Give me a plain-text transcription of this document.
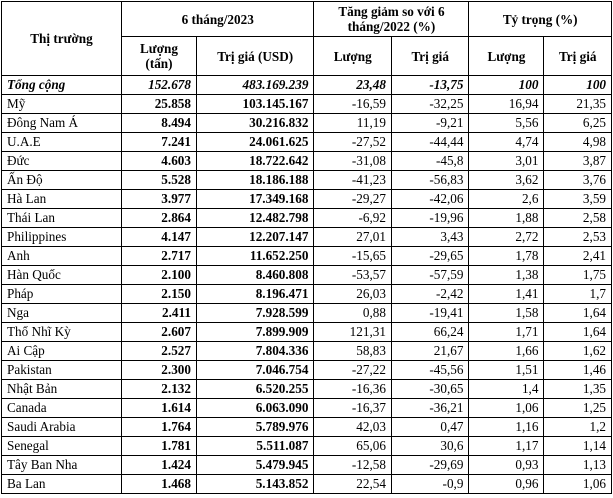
Thị trường	6 tháng/2023		Tăng giảm so với 6 tháng/2022 (%)		Tỷ trọng (%)	
	Lượng (tấn)	Trị giá (USD)	Lượng	Trị giá	Lượng	Trị giá
Tổng cộng	152.678	483.169.239	23,48	-13,75	100	100
Mỹ	25.858	103.145.167	-16,59	-32,25	16,94	21,35
Đông Nam Á	8.494	30.216.832	11,19	-9,21	5,56	6,25
U.A.E	7.241	24.061.625	-27,52	-44,44	4,74	4,98
Đức	4.603	18.722.642	-31,08	-45,8	3,01	3,87
Ấn Độ	5.528	18.186.188	-41,23	-56,83	3,62	3,76
Hà Lan	3.977	17.349.168	-29,27	-42,06	2,6	3,59
Thái Lan	2.864	12.482.798	-6,92	-19,96	1,88	2,58
Philippines	4.147	12.207.147	27,01	3,43	2,72	2,53
Anh	2.717	11.652.250	-15,65	-29,65	1,78	2,41
Hàn Quốc	2.100	8.460.808	-53,57	-57,59	1,38	1,75
Pháp	2.150	8.196.471	26,03	-2,42	1,41	1,7
Nga	2.411	7.928.599	0,88	-19,41	1,58	1,64
Thổ Nhĩ Kỳ	2.607	7.899.909	121,31	66,24	1,71	1,64
Ai Cập	2.527	7.804.336	58,83	21,67	1,66	1,62
Pakistan	2.300	7.046.754	-27,22	-45,56	1,51	1,46
Nhật Bản	2.132	6.520.255	-16,36	-30,65	1,4	1,35
Canada	1.614	6.063.090	-16,37	-36,21	1,06	1,25
Saudi Arabia	1.764	5.789.976	42,03	0,47	1,16	1,2
Senegal	1.781	5.511.087	65,06	30,6	1,17	1,14
Tây Ban Nha	1.424	5.479.945	-12,58	-29,69	0,93	1,13
Ba Lan	1.468	5.143.852	22,54	-0,9	0,96	1,06
